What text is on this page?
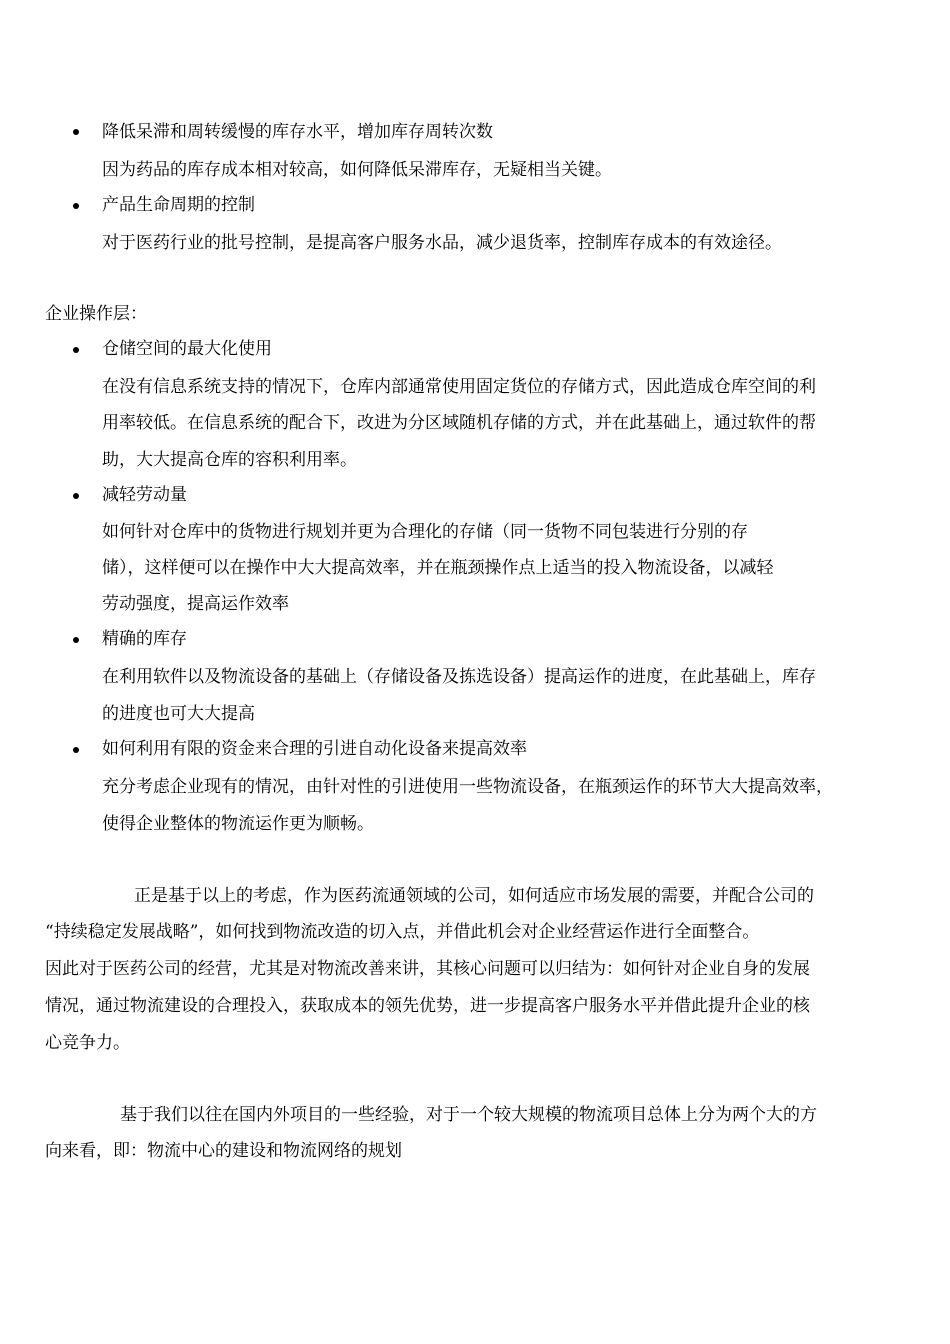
降低呆滞和周转缓慢的库存水平，增加库存周转次数
因为药品的库存成本相对较高，如何降低呆滞库存，无疑相当关键。
产品生命周期的控制
对于医药行业的批号控制，是提高客户服务水品，减少退货率，控制库存成本的有效途径。
企业操作层：
仓储空间的最大化使用
在没有信息系统支持的情况下，仓库内部通常使用固定货位的存储方式，因此造成仓库空间的利
用率较低。在信息系统的配合下，改进为分区域随机存储的方式，并在此基础上，通过软件的帮
助，大大提高仓库的容积利用率。
减轻劳动量
如何针对仓库中的货物进行规划并更为合理化的存储（同一货物不同包装进行分别的存
储），这样便可以在操作中大大提高效率，并在瓶颈操作点上适当的投入物流设备，以减轻
劳动强度，提高运作效率
精确的库存
在利用软件以及物流设备的基础上（存储设备及拣选设备）提高运作的进度，在此基础上，库存
的进度也可大大提高
如何利用有限的资金来合理的引进自动化设备来提高效率
充分考虑企业现有的情况，由针对性的引进使用一些物流设备，在瓶颈运作的环节大大提高效率，
使得企业整体的物流运作更为顺畅。
正是基于以上的考虑，作为医药流通领域的公司，如何适应市场发展的需要，并配合公司的
“持续稳定发展战略”，如何找到物流改造的切入点，并借此机会对企业经营运作进行全面整合。
因此对于医药公司的经营，尤其是对物流改善来讲，其核心问题可以归结为：如何针对企业自身的发展
情况，通过物流建设的合理投入，获取成本的领先优势，进一步提高客户服务水平并借此提升企业的核
心竞争力。
基于我们以往在国内外项目的一些经验，对于一个较大规模的物流项目总体上分为两个大的方
向来看，即：物流中心的建设和物流网络的规划
